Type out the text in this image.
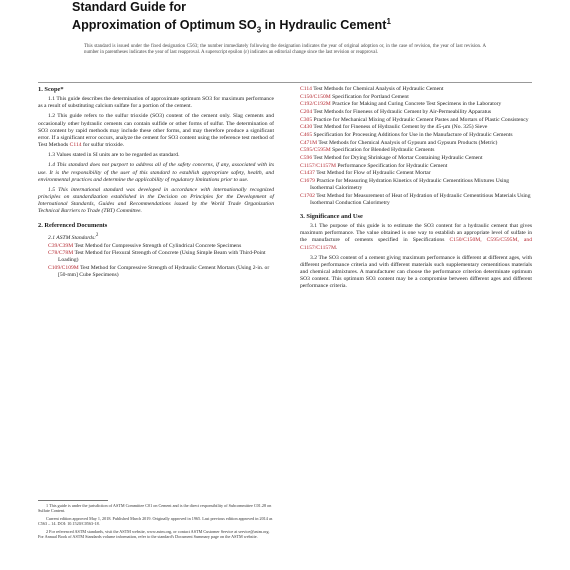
Standard Guide for
Approximation of Optimum $SO_3$ in Hydraulic Cement$^1$
This standard is issued under the fixed designation C563; the number immediately following the designation indicates the year of original adoption or, in the case of revision, the year of last revision. A number in parentheses indicates the year of last reapproval. A superscript epsilon (ε) indicates an editorial change since the last revision or reapproval.
1. Scope*

1.1 This guide describes the determination of approximate optimum SO3 for maximum performance as a result of substituting calcium sulfate for a portion of the cement.

1.2 This guide refers to the sulfur trioxide (SO3) content of the cement only. Slag cements and occasionally other hydraulic cements can contain sulfide or other forms of sulfur. The determination of SO3 content by rapid methods may include these other forms, and may therefore produce a significant error. If a significant error occurs, analyze the cement for SO3 content using the reference test method of Test Methods C114 for sulfur trioxide.

1.3 Values stated in SI units are to be regarded as standard.

1.4 This standard does not purport to address all of the safety concerns, if any, associated with its use. It is the responsibility of the user of this standard to establish appropriate safety, health, and environmental practices and determine the applicability of regulatory limitations prior to use.

1.5 This international standard was developed in accordance with internationally recognized principles on standardization established in the Decision on Principles for the Development of International Standards, Guides and Recommendations issued by the World Trade Organization Technical Barriers to Trade (TBT) Committee.

2. Referenced Documents

2.1 ASTM Standards:$^2$

C39/C39M Test Method for Compressive Strength of Cylindrical Concrete Specimens

C78/C78M Test Method for Flexural Strength of Concrete (Using Simple Beam with Third-Point Loading)

C109/C109M Test Method for Compressive Strength of Hydraulic Cement Mortars (Using 2-in. or [50-mm] Cube Specimens)

1 This guide is under the jurisdiction of ASTM Committee C01 on Cement and is the direct responsibility of Subcommittee C01.28 on Sulfate Content.

Current edition approved May 1, 2018. Published March 2019. Originally approved in 1965. Last previous edition approved in 2014 as C563 – 14. DOI: 10.1520/C0563-18.

2 For referenced ASTM standards, visit the ASTM website, www.astm.org, or contact ASTM Customer Service at service@astm.org. For Annual Book of ASTM Standards volume information, refer to the standard's Document Summary page on the ASTM website.

C114 Test Methods for Chemical Analysis of Hydraulic Cement

C150/C150M Specification for Portland Cement

C192/C192M Practice for Making and Curing Concrete Test Specimens in the Laboratory

C204 Test Methods for Fineness of Hydraulic Cement by Air-Permeability Apparatus

C305 Practice for Mechanical Mixing of Hydraulic Cement Pastes and Mortars of Plastic Consistency

C430 Test Method for Fineness of Hydraulic Cement by the 45-μm (No. 325) Sieve

C465 Specification for Processing Additions for Use in the Manufacture of Hydraulic Cements

C471M Test Methods for Chemical Analysis of Gypsum and Gypsum Products (Metric)

C595/C595M Specification for Blended Hydraulic Cements

C596 Test Method for Drying Shrinkage of Mortar Containing Hydraulic Cement

C1157/C1157M Performance Specification for Hydraulic Cement

C1437 Test Method for Flow of Hydraulic Cement Mortar

C1679 Practice for Measuring Hydration Kinetics of Hydraulic Cementitious Mixtures Using Isothermal Calorimetry

C1702 Test Method for Measurement of Heat of Hydration of Hydraulic Cementitious Materials Using Isothermal Conduction Calorimetry

3. Significance and Use

3.1 The purpose of this guide is to estimate the SO3 content for a hydraulic cement that gives maximum performance. The value obtained is one way to establish an appropriate level of sulfate in the manufacture of cements specified in Specifications C150/C150M, C595/C595M, and C1157/C1157M.

3.2 The SO3 content of a cement giving maximum performance is different at different ages, with different performance criteria and with different materials such supplementary cementitious materials and chemical admixtures. A manufacturer can choose the performance criterion determinate optimum SO3 content. This optimum SO3 content may be a compromise between different ages and different performance criteria.
